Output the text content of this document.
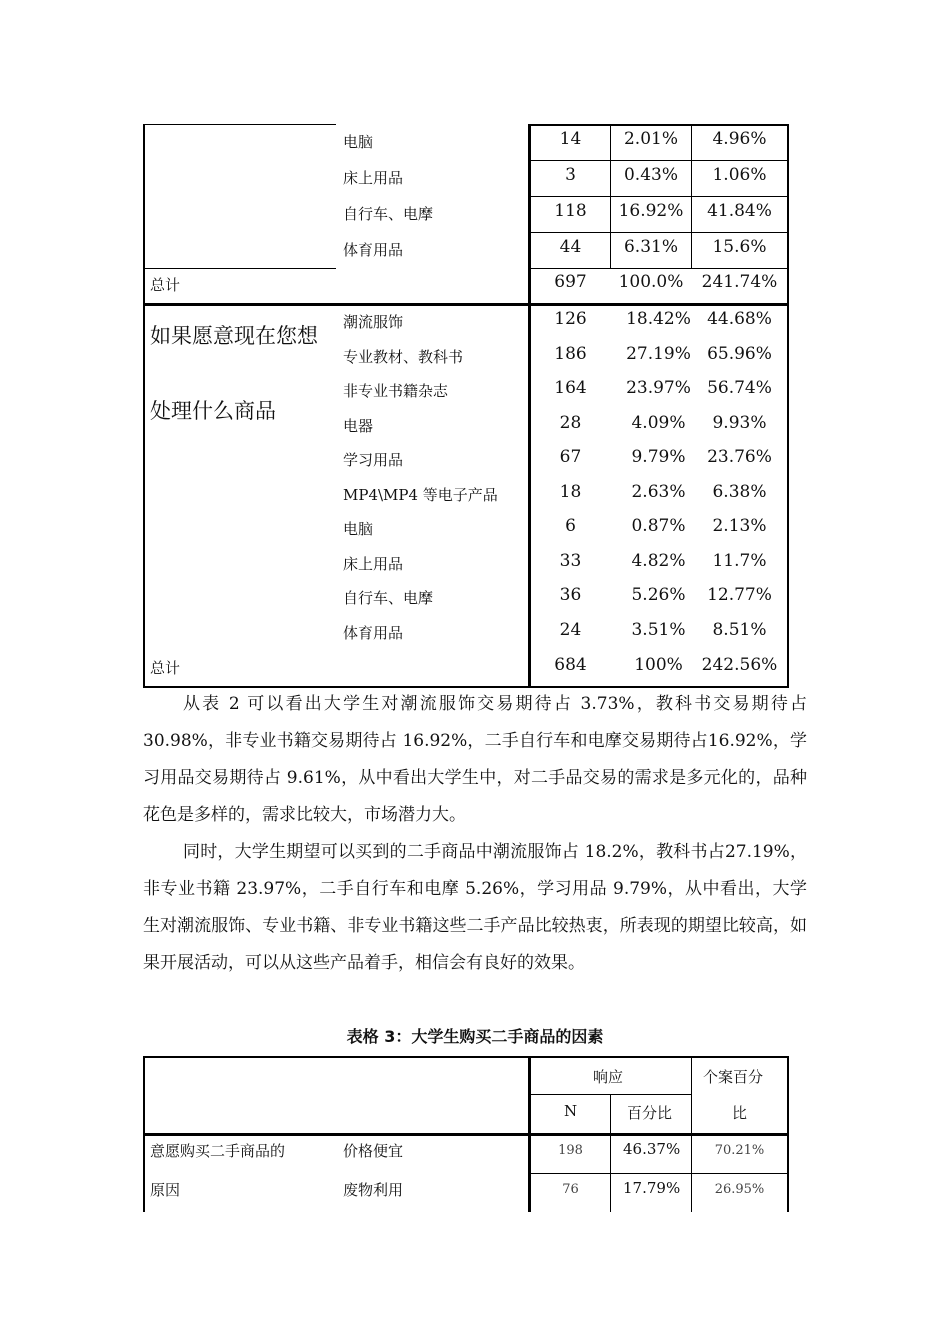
电脑	14	2.01%	4.96%
床上用品	3	0.43%	1.06%
自行车、电摩	118	16.92%	41.84%
体育用品	44	6.31%	15.6%
总计	697	100.0%	241.74%
如果愿意现在您想
处理什么商品
潮流服饰	126	18.42% 44.68%
专业教材、教科书	186	27.19% 65.96%
非专业书籍杂志	164	23.97% 56.74%
电器	28	4.09%	9.93%
学习用品	67	9.79%	23.76%
MP4\MP4 等电子产品	18	2.63%	6.38%
电脑	6	0.87%	2.13%
床上用品	33	4.82%	11.7%
自行车、电摩	36	5.26%	12.77%
体育用品	24	3.51%	8.51%
总计	684	100%	242.56%
从表 2 可以看出大学生对潮流服饰交易期待占 3.73%，教科书交易期待占30.98%，非专业书籍交易期待占 16.92%，二手自行车和电摩交易期待占16.92%，学习用品交易期待占 9.61%，从中看出大学生中，对二手品交易的需求是多元化的，品种花色是多样的，需求比较大，市场潜力大。
同时，大学生期望可以买到的二手商品中潮流服饰占 18.2%，教科书占27.19%，非专业书籍 23.97%，二手自行车和电摩 5.26%，学习用品 9.79%，从中看出，大学生对潮流服饰、专业书籍、非专业书籍这些二手产品比较热衷，所表现的期望比较高，如果开展活动，可以从这些产品着手，相信会有良好的效果。
表格 3：大学生购买二手商品的因素
响应	个案百分
比
N	百分比
意愿购买二手商品的
原因
价格便宜	198	46.37%	70.21%
废物利用	76	17.79%	26.95%
